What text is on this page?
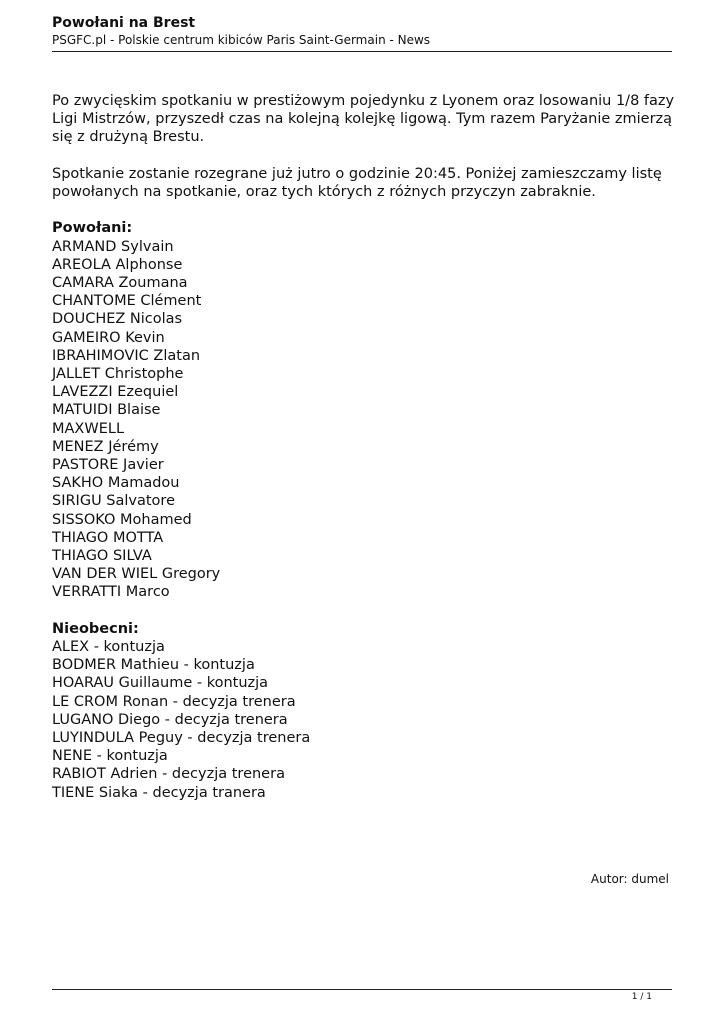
Powołani na Brest

PSGFC.pl - Polskie centrum kibiców Paris Saint-Germain - News

Po zwycięskim spotkaniu w prestiżowym pojedynku z Lyonem oraz losowaniu 1/8 fazy Ligi Mistrzów, przyszedł czas na kolejną kolejkę ligową. Tym razem Paryżanie zmierzą się z drużyną Brestu.

Spotkanie zostanie rozegrane już jutro o godzinie 20:45. Poniżej zamieszczamy listę powołanych na spotkanie, oraz tych których z różnych przyczyn zabraknie.

Powołani:

ARMAND Sylvain
AREOLA Alphonse
CAMARA Zoumana
CHANTOME Clément
DOUCHEZ Nicolas
GAMEIRO Kevin
IBRAHIMOVIC Zlatan
JALLET Christophe
LAVEZZI Ezequiel
MATUIDI Blaise
MAXWELL
MENEZ Jérémy
PASTORE Javier
SAKHO Mamadou
SIRIGU Salvatore
SISSOKO Mohamed
THIAGO MOTTA
THIAGO SILVA
VAN DER WIEL Gregory
VERRATTI Marco

Nieobecni:

ALEX - kontuzja
BODMER Mathieu - kontuzja
HOARAU Guillaume - kontuzja
LE CROM Ronan - decyzja trenera
LUGANO Diego - decyzja trenera
LUYINDULA Peguy - decyzja trenera
NENE - kontuzja
RABIOT Adrien - decyzja trenera
TIENE Siaka - decyzja tranera
Autor: dumel
1 / 1
